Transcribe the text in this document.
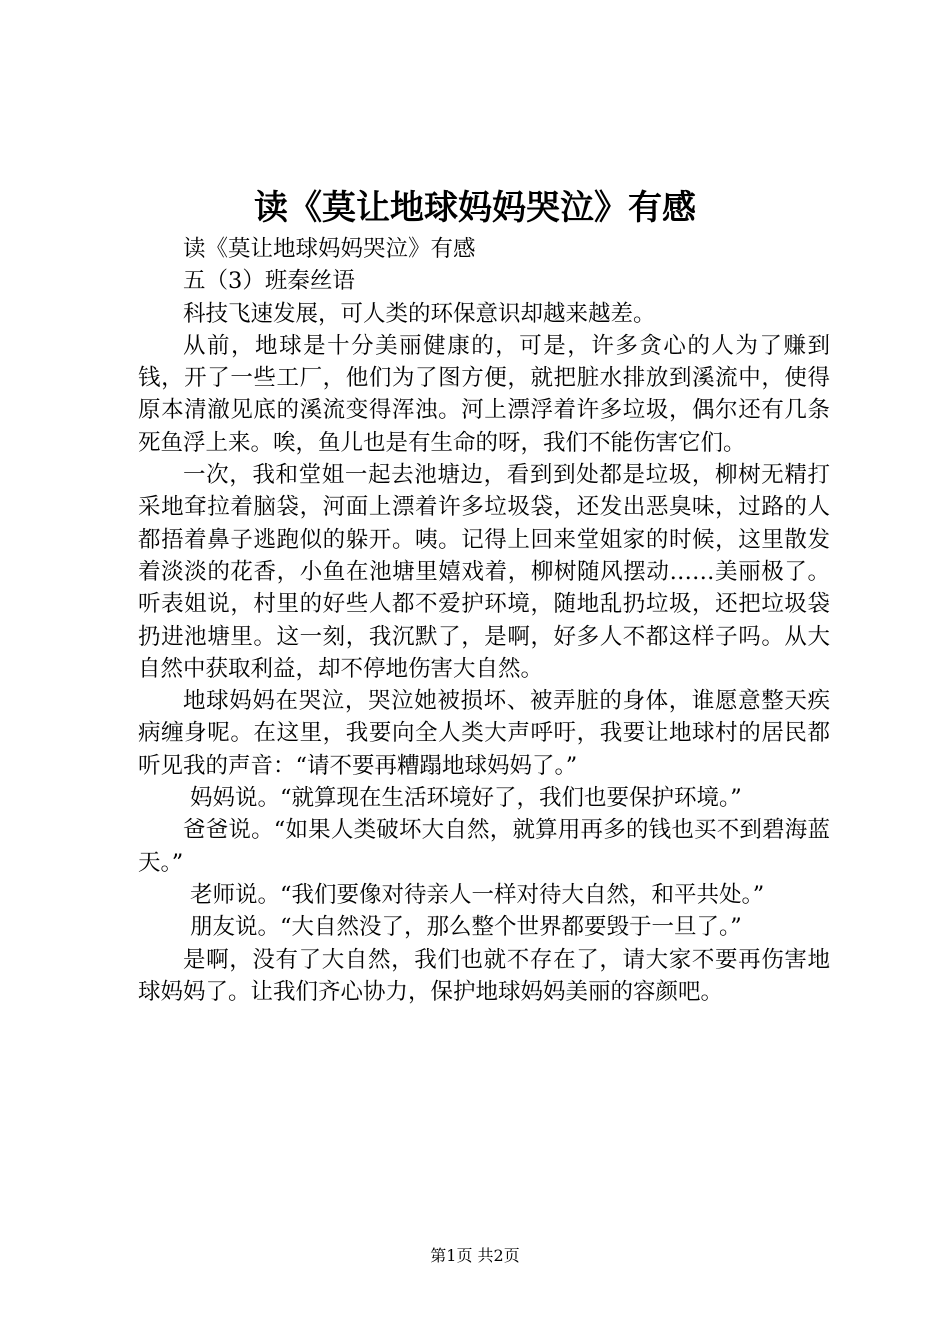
读《莫让地球妈妈哭泣》有感

读《莫让地球妈妈哭泣》有感

五（3）班秦丝语

科技飞速发展，可人类的环保意识却越来越差。

从前，地球是十分美丽健康的，可是，许多贪心的人为了赚到钱，开了一些工厂，他们为了图方便，就把脏水排放到溪流中，使得原本清澈见底的溪流变得浑浊。河上漂浮着许多垃圾，偶尔还有几条死鱼浮上来。唉，鱼儿也是有生命的呀，我们不能伤害它们。

一次，我和堂姐一起去池塘边，看到到处都是垃圾，柳树无精打采地耷拉着脑袋，河面上漂着许多垃圾袋，还发出恶臭味，过路的人都捂着鼻子逃跑似的躲开。咦。记得上回来堂姐家的时候，这里散发着淡淡的花香，小鱼在池塘里嬉戏着，柳树随风摆动……美丽极了。听表姐说，村里的好些人都不爱护环境，随地乱扔垃圾，还把垃圾袋扔进池塘里。这一刻，我沉默了，是啊，好多人不都这样子吗。从大自然中获取利益，却不停地伤害大自然。

地球妈妈在哭泣，哭泣她被损坏、被弄脏的身体，谁愿意整天疾病缠身呢。在这里，我要向全人类大声呼吁，我要让地球村的居民都听见我的声音：“请不要再糟蹋地球妈妈了。”

妈妈说。“就算现在生活环境好了，我们也要保护环境。”

爸爸说。“如果人类破坏大自然，就算用再多的钱也买不到碧海蓝天。”

老师说。“我们要像对待亲人一样对待大自然，和平共处。”

朋友说。“大自然没了，那么整个世界都要毁于一旦了。”

是啊，没有了大自然，我们也就不存在了，请大家不要再伤害地球妈妈了。让我们齐心协力，保护地球妈妈美丽的容颜吧。

第1页 共2页
